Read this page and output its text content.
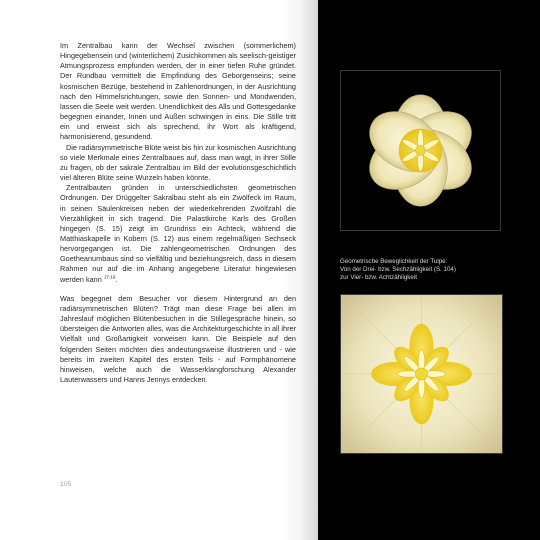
Im Zentralbau kann der Wechsel zwischen (sommerlichem) Hingegebensein und (winterlichem) Zusichkommen als seelisch-geistiger Atmungsprozess empfunden werden, der in einer tiefen Ruhe gründet. Der Rundbau vermittelt die Empfindung des Geborgenseins; seine kosmischen Bezüge, bestehend in Zahlenordnungen, in der Ausrichtung nach den Himmelsrichtungen, sowie den Sonnen- und Mondwenden, lassen die Seele weit werden. Unendlichkeit des Alls und Gottesgedanke begegnen einander, Innen und Außen schwingen in eins. Die Stille tritt ein und erweist sich als sprechend, ihr Wort als kräftigend, harmonisierend, gesundend.

Die radiärsymmetrische Blüte weist bis hin zur kosmischen Ausrichtung so viele Merkmale eines Zentralbaues auf, dass man wagt, in ihrer Stille zu fragen, ob der sakrale Zentralbau im Bild der evolutionsgeschichtlich viel älteren Blüte seine Wurzeln haben könnte.

Zentralbauten gründen in unterschiedlichsten geometrischen Ordnungen. Der Drüggelter Sakralbau steht als ein Zwölfeck im Raum, in seinen Säulenkreisen neben der wiederkehrenden Zwölfzahl die Vierzähligkeit in sich tragend. Die Palastkirche Karls des Großen hingegen (S. 15) zeigt im Grundriss ein Achteck, während die Matthiaskapelle in Kobern (S. 12) aus einem regelmäßigen Sechseck hervorgegangen ist. Die zahlengeometrischen Ordnungen des Goetheanumbaus sind so vielfältig und beziehungsreich, dass in diesem Rahmen nur auf die im Anhang angegebene Literatur hingewiesen werden kann $^{17-19}$.

Was begegnet dem Besucher vor diesem Hintergrund an den radiärsymmetrischen Blüten? Trägt man diese Frage bei allen im Jahreslauf möglichen Blütenbesuchen in die Stillegespräche hinein, so übersteigen die Antworten alles, was die Architekturgeschichte in all ihrer Vielfalt und Großartigkeit vorweisen kann. Die Beispiele auf den folgenden Seiten möchten dies andeutungsweise illustrieren und - wie bereits im zweiten Kapitel des ersten Teils - auf Formphänomene hinweisen, welche auch die Wasserklangforschung Alexander Lauterwassers und Hanns Jennys entdecken.

105
Geometrische Beweglichkeit der Tulpe:
Von der Drei- bzw. Sechzähligkeit (S. 104)
zur Vier- bzw. Achtzähligkeit
